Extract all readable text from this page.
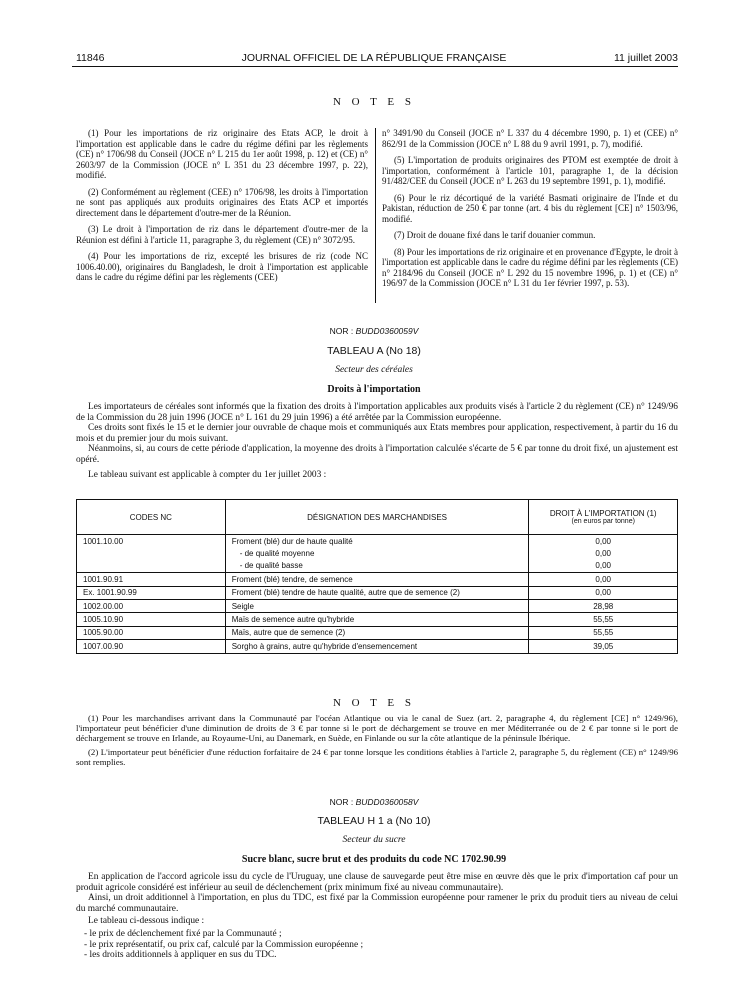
11846	JOURNAL OFFICIEL DE LA RÉPUBLIQUE FRANÇAISE	11 juillet 2003
N O T E S

(1) Pour les importations de riz originaire des Etats ACP, le droit à l'importation est applicable dans le cadre du régime défini par les règlements (CE) n° 1706/98 du Conseil (JOCE n° L 215 du 1er août 1998, p. 12) et (CE) n° 2603/97 de la Commission (JOCE n° L 351 du 23 décembre 1997, p. 22), modifié.

(2) Conformément au règlement (CEE) n° 1706/98, les droits à l'importation ne sont pas appliqués aux produits originaires des Etats ACP et importés directement dans le département d'outre-mer de la Réunion.

(3) Le droit à l'importation de riz dans le département d'outre-mer de la Réunion est défini à l'article 11, paragraphe 3, du règlement (CE) n° 3072/95.

(4) Pour les importations de riz, excepté les brisures de riz (code NC 1006.40.00), originaires du Bangladesh, le droit à l'importation est applicable dans le cadre du régime défini par les règlements (CEE)

n° 3491/90 du Conseil (JOCE n° L 337 du 4 décembre 1990, p. 1) et (CEE) n° 862/91 de la Commission (JOCE n° L 88 du 9 avril 1991, p. 7), modifié.

(5) L'importation de produits originaires des PTOM est exemptée de droit à l'importation, conformément à l'article 101, paragraphe 1, de la décision 91/482/CEE du Conseil (JOCE n° L 263 du 19 septembre 1991, p. 1), modifié.

(6) Pour le riz décortiqué de la variété Basmati originaire de l'Inde et du Pakistan, réduction de 250 € par tonne (art. 4 bis du règlement [CE] n° 1503/96, modifié.

(7) Droit de douane fixé dans le tarif douanier commun.

(8) Pour les importations de riz originaire et en provenance d'Egypte, le droit à l'importation est applicable dans le cadre du régime défini par les règlements (CE) n° 2184/96 du Conseil (JOCE n° L 292 du 15 novembre 1996, p. 1) et (CE) n° 196/97 de la Commission (JOCE n° L 31 du 1er février 1997, p. 53).

NOR : BUDD0360059V
TABLEAU A (No 18)
Secteur des céréales
Droits à l'importation

Les importateurs de céréales sont informés que la fixation des droits à l'importation applicables aux produits visés à l'article 2 du règlement (CE) n° 1249/96 de la Commission du 28 juin 1996 (JOCE n° L 161 du 29 juin 1996) a été arrêtée par la Commission européenne.

Ces droits sont fixés le 15 et le dernier jour ouvrable de chaque mois et communiqués aux Etats membres pour application, respectivement, à partir du 16 du mois et du premier jour du mois suivant.

Néanmoins, si, au cours de cette période d'application, la moyenne des droits à l'importation calculée s'écarte de 5 € par tonne du droit fixé, un ajustement est opéré.

Le tableau suivant est applicable à compter du 1er juillet 2003 :

CODES NC	DÉSIGNATION DES MARCHANDISES	DROIT À L'IMPORTATION (1)
(en euros par tonne)

1001.10.00	Froment (blé) dur de haute qualité	0,00
	- de qualité moyenne	0,00
	- de qualité basse	0,00
1001.90.91	Froment (blé) tendre, de semence	0,00
Ex. 1001.90.99	Froment (blé) tendre de haute qualité, autre que de semence (2)	0,00
1002.00.00	Seigle	28,98
1005.10.90	Maïs de semence autre qu'hybride	55,55
1005.90.00	Maïs, autre que de semence (2)	55,55
1007.00.90	Sorgho à grains, autre qu'hybride d'ensemencement	39,05
N O T E S

(1) Pour les marchandises arrivant dans la Communauté par l'océan Atlantique ou via le canal de Suez (art. 2, paragraphe 4, du règlement [CE] n° 1249/96), l'importateur peut bénéficier d'une diminution de droits de 3 € par tonne si le port de déchargement se trouve en mer Méditerranée ou de 2 € par tonne si le port de déchargement se trouve en Irlande, au Royaume-Uni, au Danemark, en Suède, en Finlande ou sur la côte atlantique de la péninsule Ibérique.

(2) L'importateur peut bénéficier d'une réduction forfaitaire de 24 € par tonne lorsque les conditions établies à l'article 2, paragraphe 5, du règlement (CE) n° 1249/96 sont remplies.

NOR : BUDD0360058V
TABLEAU H 1 a (No 10)
Secteur du sucre
Sucre blanc, sucre brut et des produits du code NC 1702.90.99

En application de l'accord agricole issu du cycle de l'Uruguay, une clause de sauvegarde peut être mise en œuvre dès que le prix d'importation caf pour un produit agricole considéré est inférieur au seuil de déclenchement (prix minimum fixé au niveau communautaire).

Ainsi, un droit additionnel à l'importation, en plus du TDC, est fixé par la Commission européenne pour ramener le prix du produit tiers au niveau de celui du marché communautaire.

Le tableau ci-dessous indique :

- le prix de déclenchement fixé par la Communauté ;
- le prix représentatif, ou prix caf, calculé par la Commission européenne ;
- les droits additionnels à appliquer en sus du TDC.
